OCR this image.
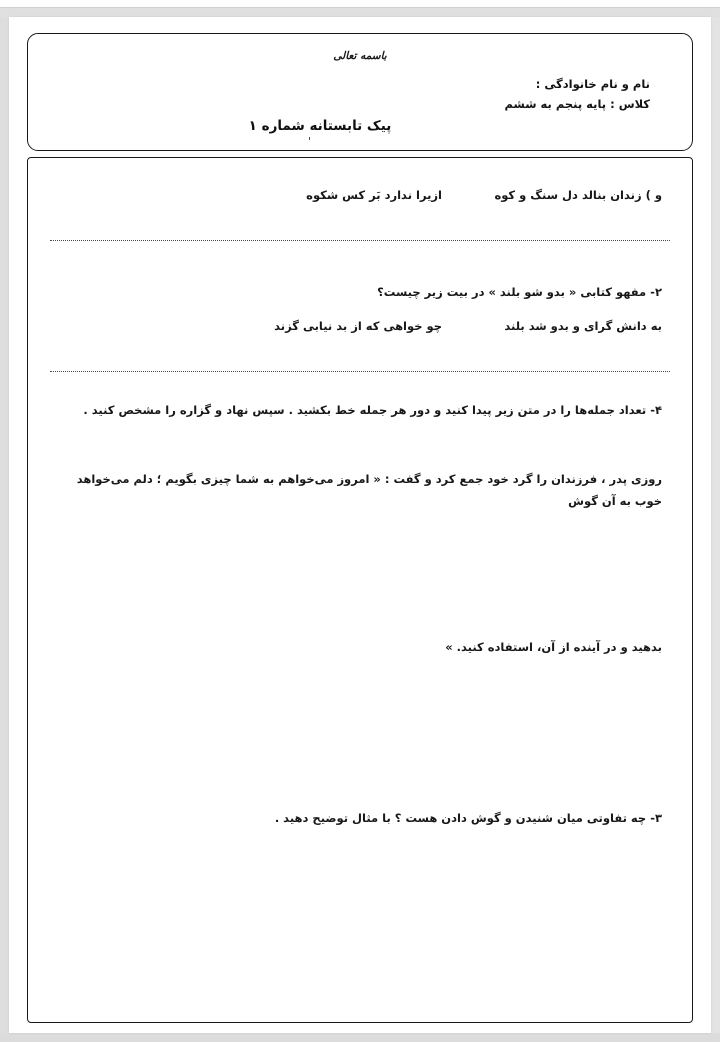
باسمه تعالی
نام و نام خانوادگی :
کلاس : پایه پنجم به ششم
'
پیک تابستانه شماره ۱
و ) زندان بنالد دل سنگ و کوه
ازیرا ندارد بَر کس شکوه
۲- مفهو کتابی « بدو شو بلند » در بیت زیر چیست؟
به دانش گرای و بدو شد بلند
چو خواهی که از بد نیابی گزند
۴- تعداد جمله‌ها را در متن زیر پیدا کنید و دور هر جمله خط بکشید . سپس نهاد و گزاره را مشخص کنید .
روزی پدر ، فرزندان را گرد خود جمع کرد و گفت : « امروز می‌خواهم به شما چیزی بگویم ؛ دلم می‌خواهد خوب به آن گوش
بدهید و در آینده از آن، استفاده کنید. »
۳- چه تفاوتی میان شنیدن و گوش دادن هست ؟ با مثال توضیح دهید .
